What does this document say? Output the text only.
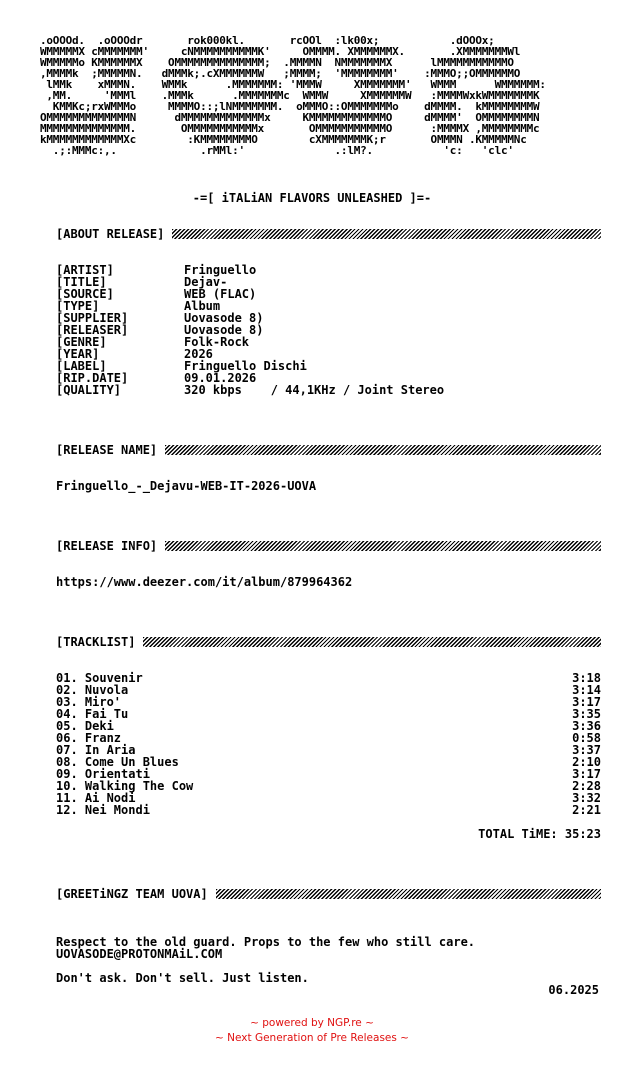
.oOOOd.  .oOOOdr       rok000kl.       rcOOl  :lk00x;           .dOOOx;
WMMMMMX cMMMMMMM'     cNMMMMMMMMMMK'     OMMMM. XMMMMMMX.       .XMMMMMMMWl
WMMMMMo KMMMMMMX    OMMMMMMMMMMMMMM;  .MMMMN  NMMMMMMMX      lMMMMMMMMMMMO
,MMMMk  ;MMMMMN.   dMMMk;.cXMMMMMMW   ;MMMM;  'MMMMMMMM'    :MMMO;;OMMMMMMO
lMMk    xMMMN.    WMMk      .MMMMMMM: 'MMMW     XMMMMMMM'   WMMM      WMMMMMM:
,MM.     'MMMl    .MMMk      .MMMMMMMc  WMMW     XMMMMMMW   :MMMMWxkWMMMMMMMK
KMMKc;rxWMMMo     MMMMO::;lNMMMMMMM.  oMMMO::OMMMMMMMo    dMMMM.  kMMMMMMMMW
OMMMMMMMMMMMMMN      dMMMMMMMMMMMMMx     KMMMMMMMMMMMMO     dMMMM'  OMMMMMMMMN
MMMMMMMMMMMMMM.       OMMMMMMMMMMMx       OMMMMMMMMMMMO      :MMMMX ,MMMMMMMMc
kMMMMMMMMMMMMXc        :KMMMMMMMMO        cXMMMMMMMK;r       OMMMN .KMMMMMNc
.;:MMMc:,.             .rMMl:'              .:lM?.           'c:   'clc'
-=[ iTALiAN FLAVORS UNLEASHED ]=-
[ABOUT RELEASE]
[ARTIST]	Fringuello
[TITLE]	Dejav-
[SOURCE]	WEB (FLAC)
[TYPE]	Album
[SUPPLIER]	Uovasode 8)
[RELEASER]	Uovasode 8)
[GENRE]	Folk-Rock
[YEAR]	2026
[LABEL]	Fringuello Dischi
[RIP.DATE]	09.01.2026
[QUALITY]	320 kbps    / 44,1KHz / Joint Stereo
[RELEASE NAME]
Fringuello_-_Dejavu-WEB-IT-2026-UOVA
[RELEASE INFO]
https://www.deezer.com/it/album/879964362
[TRACKLIST]
01. Souvenir	3:18
02. Nuvola	3:14
03. Miro'	3:17
04. Fai Tu	3:35
05. Deki	3:36
06. Franz	0:58
07. In Aria	3:37
08. Come Un Blues	2:10
09. Orientati	3:17
10. Walking The Cow	2:28
11. Ai Nodi	3:32
12. Nei Mondi	2:21
TOTAL TiME: 35:23
[GREETiNGZ TEAM UOVA]

Respect to the old guard. Props to the few who still care.

Don't ask. Don't sell. Just listen.

UOVASODE@PROTONMAiL.COM
06.2025
~ powered by NGP.re ~
~ Next Generation of Pre Releases ~
